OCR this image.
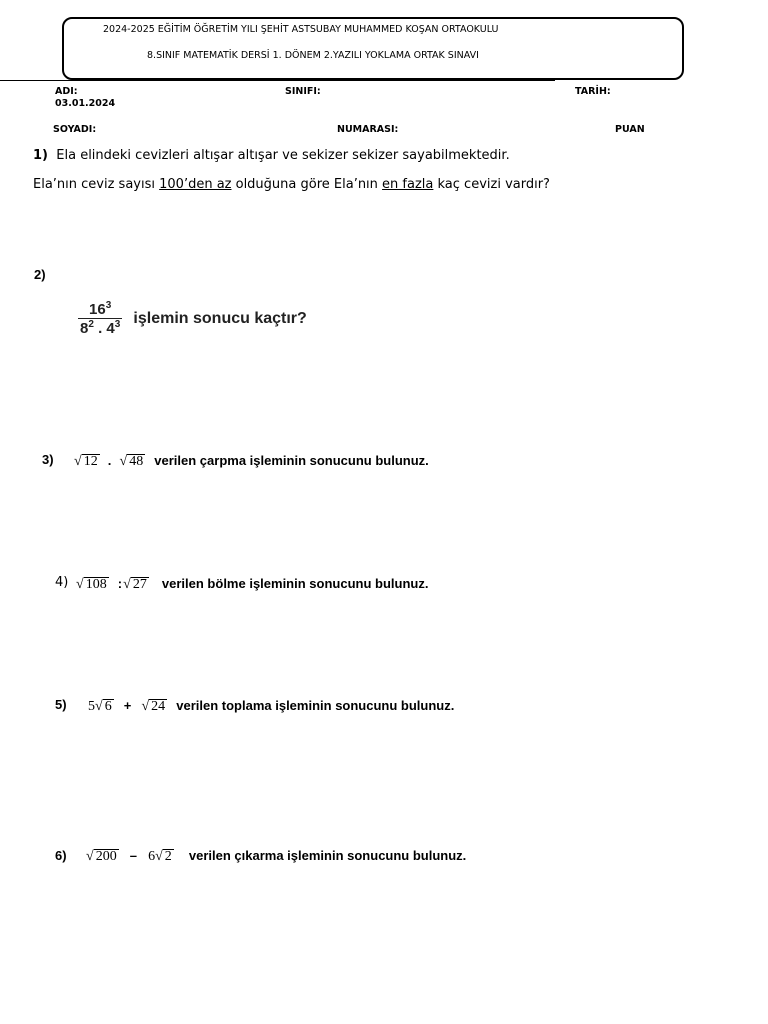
2024-2025 EĞİTİM ÖĞRETİM YILI ŞEHİT ASTSUBAY MUHAMMED KOŞAN ORTAOKULU
8.SINIF MATEMATİK DERSİ 1. DÖNEM 2.YAZILI YOKLAMA ORTAK SINAVI
ADI:
03.01.2024
SINIFI:	TARİH:
SOYADI:	NUMARASI:	PUAN
1) Ela elindeki cevizleri altışar altışar ve sekizer sekizer sayabilmektedir.
Ela’nın ceviz sayısı 100’den az olduğuna göre Ela’nın en fazla kaç cevizi vardır?
2)
$\frac{16^3}{8^2 . 4^3}$ işlemin sonucu kaçtır?
3) √ 12 . √ 48 verilen çarpma işleminin sonucunu bulunuz.
4) √ 108 :√ 27 verilen bölme işleminin sonucunu bulunuz.
5) 5√ 6 + √ 24 verilen toplama işleminin sonucunu bulunuz.
6) √ 200 – 6√ 2 verilen çıkarma işleminin sonucunu bulunuz.
